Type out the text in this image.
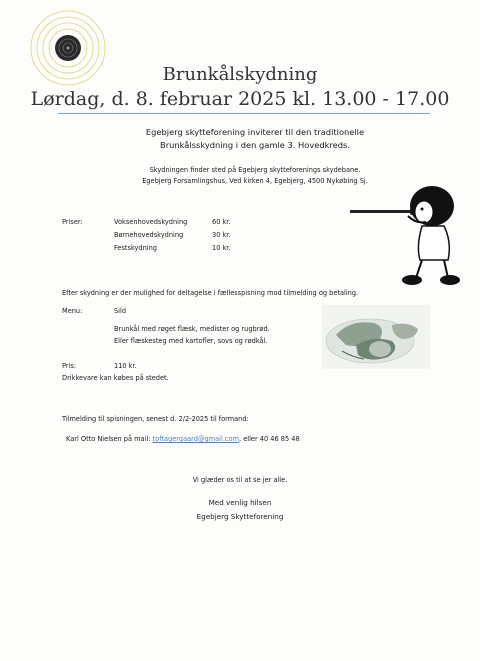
Brunkålskydning
Lørdag, d. 8. februar 2025 kl. 13.00 - 17.00
Egebjerg skytteforening inviterer til den traditionelle
Brunkålsskydning i den gamle 3. Hovedkreds.
Skydningen finder sted på Egebjerg skytteforenings skydebane.
Egebjerg Forsamlingshus, Ved kirken 4, Egebjerg, 4500 Nykøbing Sj.
Priser:	Voksenhovedskydning	60 kr.
Børnehovedskydning	30 kr.
Festskydning	10 kr.
Efter skydning er der mulighed for deltagelse i fællesspisning mod tilmelding og betaling.
Menu:	Sild
Brunkål med røget flæsk, medister og rugbrød.
Eller flæskesteg med kartofler, sovs og rødkål.
Pris:	110 kr.
Drikkevare kan købes på stedet.
Tilmelding til spisningen, senest d. 2/2-2025 til formand:
Karl Otto Nielsen på mail: toftagergaard@gmail.com, eller 40 46 85 48
Vi glæder os til at se jer alle.
Med venlig hilsen
Egebjerg Skytteforening
